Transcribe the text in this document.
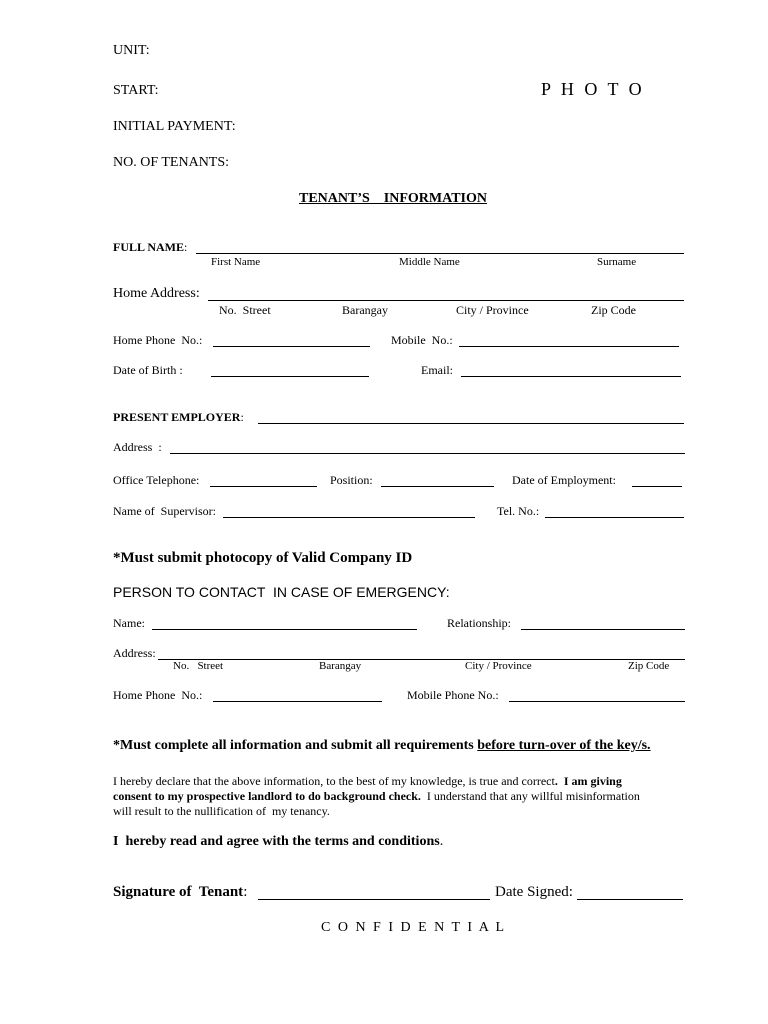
UNIT:
START:	P H O T O
INITIAL PAYMENT:
NO. OF TENANTS:
TENANT’S    INFORMATION
FULL NAME:
First Name	Middle Name	Surname
Home Address:
No.  Street	Barangay	City / Province	Zip Code
Home Phone  No.:	Mobile  No.:
Date of Birth :	Email:
PRESENT EMPLOYER:
Address  :
Office Telephone:	Position:	Date of Employment:
Name of  Supervisor:	Tel. No.:
*Must submit photocopy of Valid Company ID
PERSON TO CONTACT  IN CASE OF EMERGENCY:
Name:	Relationship:
Address:
No.   Street	Barangay	City / Province	Zip Code
Home Phone  No.:	Mobile Phone No.:
*Must complete all information and submit all requirements before turn-over of the key/s.
I hereby declare that the above information, to the best of my knowledge, is true and correct.  I am giving
consent to my prospective landlord to do background check.  I understand that any willful misinformation
will result to the nullification of  my tenancy.
I  hereby read and agree with the terms and conditions.
Signature of  Tenant:	Date Signed:
C O N F I D E N T I A L
